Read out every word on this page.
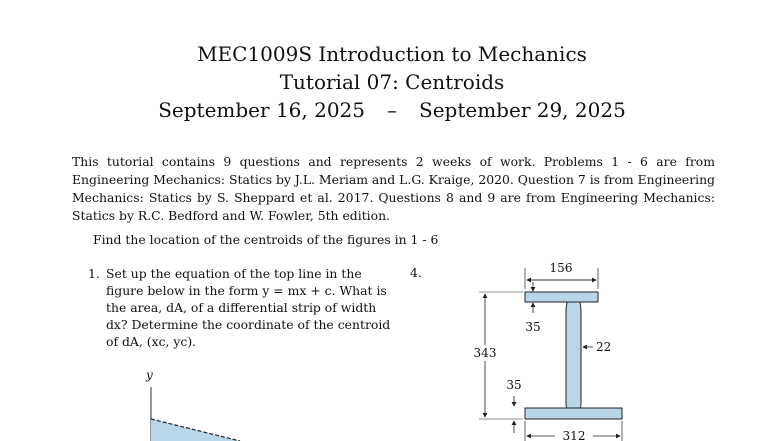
MEC1009S Introduction to Mechanics
Tutorial 07: Centroids
September 16, 2025 – September 29, 2025
This tutorial contains 9 questions and represents 2 weeks of work. Problems 1 - 6 are from Engineering Mechanics: Statics by J.L. Meriam and L.G. Kraige, 2020. Question 7 is from Engineering Mechanics: Statics by S. Sheppard et al. 2017. Questions 8 and 9 are from Engineering Mechanics: Statics by R.C. Bedford and W. Fowler, 5th edition.
Find the location of the centroids of the figures in 1 - 6
1. Set up the equation of the top line in the figure below in the form y = mx + c. What is the area, dA, of a differential strip of width dx? Determine the coordinate of the centroid of dA, (xc, yc).
4.
y
156
35
343	22
35
312
